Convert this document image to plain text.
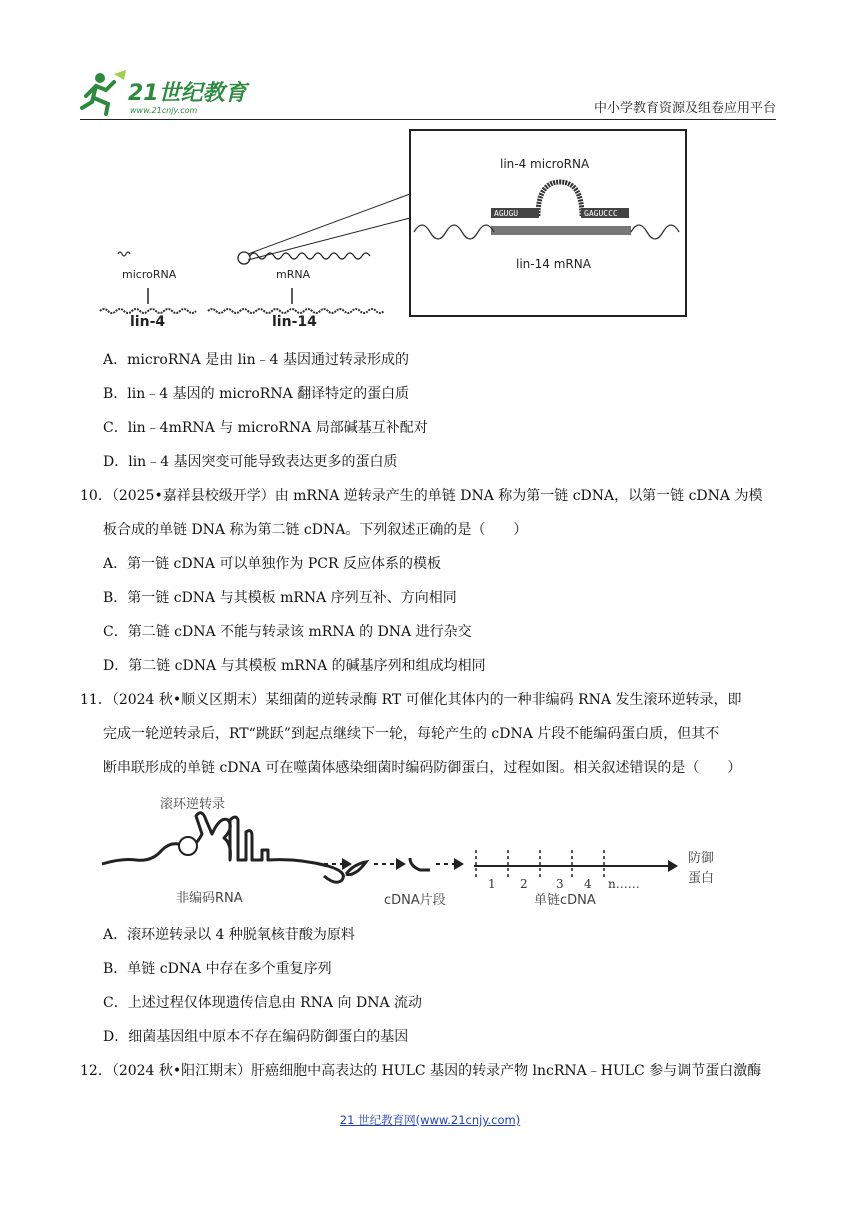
21世纪教育
www.21cnjy.com	中小学教育资源及组卷应用平台
microRNA
lin-4
mRNA
lin-14
lin-4 microRNA
AGUGU	GAGUCCC
lin-14 mRNA
A．microRNA 是由 lin﹣4 基因通过转录形成的
B．lin﹣4 基因的 microRNA 翻译特定的蛋白质
C．lin﹣4mRNA 与 microRNA 局部碱基互补配对
D．lin﹣4 基因突变可能导致表达更多的蛋白质
10．（2025•嘉祥县校级开学）由 mRNA 逆转录产生的单链 DNA 称为第一链 cDNA，以第一链 cDNA 为模
板合成的单链 DNA 称为第二链 cDNA。下列叙述正确的是（　　）
A．第一链 cDNA 可以单独作为 PCR 反应体系的模板
B．第一链 cDNA 与其模板 mRNA 序列互补、方向相同
C．第二链 cDNA 不能与转录该 mRNA 的 DNA 进行杂交
D．第二链 cDNA 与其模板 mRNA 的碱基序列和组成均相同
11．（2024 秋•顺义区期末）某细菌的逆转录酶 RT 可催化其体内的一种非编码 RNA 发生滚环逆转录，即
完成一轮逆转录后，RT“跳跃”到起点继续下一轮，每轮产生的 cDNA 片段不能编码蛋白质，但其不
断串联形成的单链 cDNA 可在噬菌体感染细菌时编码防御蛋白，过程如图。相关叙述错误的是（　　）
滚环逆转录
非编码RNA	cDNA片段
1 2 3 4 n……
单链cDNA
防御
蛋白
A．滚环逆转录以 4 种脱氧核苷酸为原料
B．单链 cDNA 中存在多个重复序列
C．上述过程仅体现遗传信息由 RNA 向 DNA 流动
D．细菌基因组中原本不存在编码防御蛋白的基因
12．（2024 秋•阳江期末）肝癌细胞中高表达的 HULC 基因的转录产物 lncRNA﹣HULC 参与调节蛋白激酶
21 世纪教育网(www.21cnjy.com)
